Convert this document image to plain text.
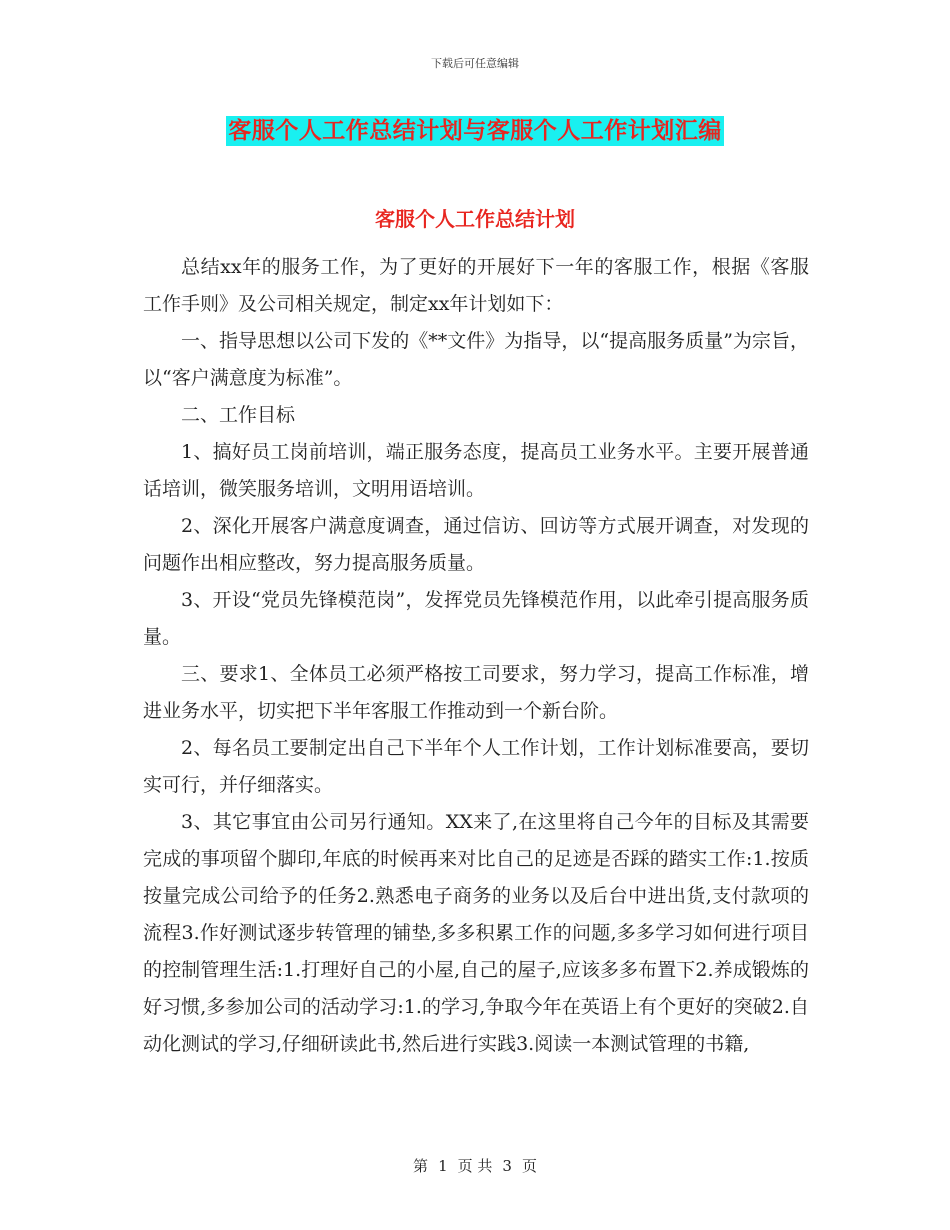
下载后可任意编辑
客服个人工作总结计划与客服个人工作计划汇编
客服个人工作总结计划

总结xx年的服务工作，为了更好的开展好下一年的客服工作，根据《客服工作手则》及公司相关规定，制定xx年计划如下：

一、指导思想以公司下发的《**文件》为指导，以“提高服务质量”为宗旨，以“客户满意度为标准”。

二、工作目标

1、搞好员工岗前培训，端正服务态度，提高员工业务水平。主要开展普通话培训，微笑服务培训，文明用语培训。

2、深化开展客户满意度调查，通过信访、回访等方式展开调查，对发现的问题作出相应整改，努力提高服务质量。

3、开设“党员先锋模范岗”，发挥党员先锋模范作用，以此牵引提高服务质量。

三、要求1、全体员工必须严格按工司要求，努力学习，提高工作标准，增进业务水平，切实把下半年客服工作推动到一个新台阶。

2、每名员工要制定出自己下半年个人工作计划，工作计划标准要高，要切实可行，并仔细落实。

3、其它事宜由公司另行通知。XX来了,在这里将自己今年的目标及其需要完成的事项留个脚印,年底的时候再来对比自己的足迹是否踩的踏实工作:1.按质按量完成公司给予的任务2.熟悉电子商务的业务以及后台中进出货,支付款项的流程3.作好测试逐步转管理的铺垫,多多积累工作的问题,多多学习如何进行项目的控制管理生活:1.打理好自己的小屋,自己的屋子,应该多多布置下2.养成锻炼的好习惯,多参加公司的活动学习:1.的学习,争取今年在英语上有个更好的突破2.自动化测试的学习,仔细研读此书,然后进行实践3.阅读一本测试管理的书籍,

第 1 页 共 3 页
